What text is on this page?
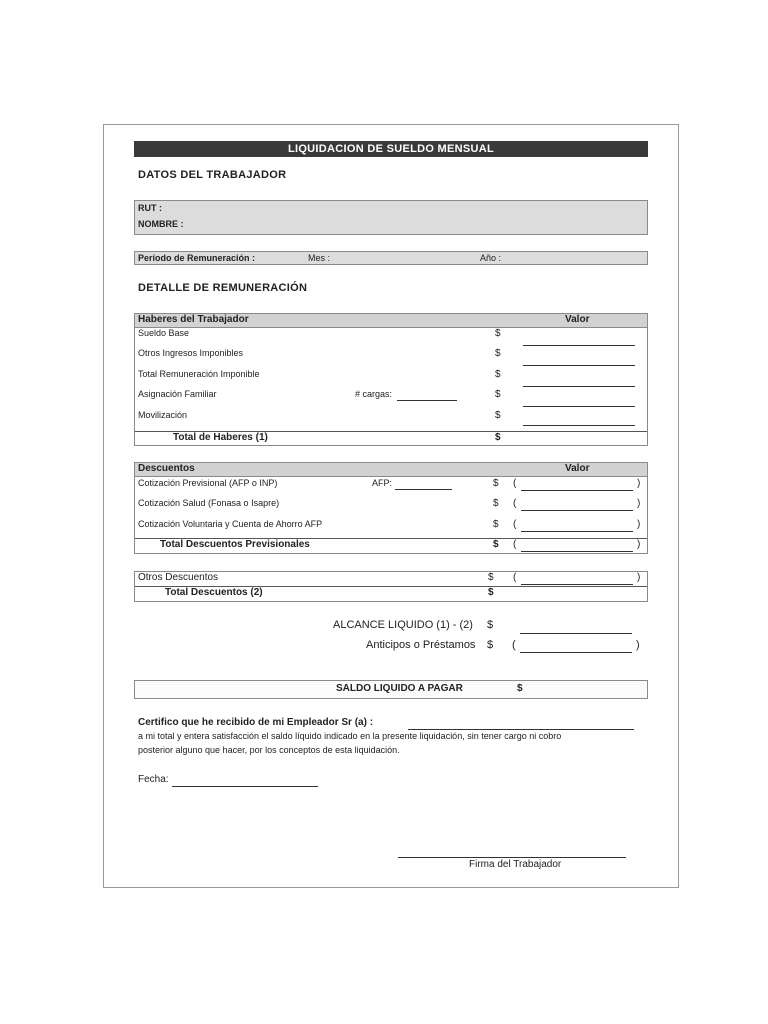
LIQUIDACION DE SUELDO MENSUAL
DATOS DEL TRABAJADOR
RUT :
NOMBRE :
Período de Remuneración :	Mes :	Año :
DETALLE DE REMUNERACIÓN
Haberes del Trabajador	Valor
Sueldo Base	$
Otros Ingresos Imponibles	$
Total Remuneración Imponible	$
Asignación Familiar	# cargas:	$
Movilización	$
Total de Haberes (1)	$
Descuentos	Valor
Cotización Previsional (AFP o INP)	AFP:	$ (	)
Cotización Salud (Fonasa o Isapre)	$ (	)
Cotización Voluntaria y Cuenta de Ahorro AFP	$ (	)
Total Descuentos Previsionales	$ (	)
Otros Descuentos	$ (	)
Total Descuentos (2)	$
ALCANCE LIQUIDO (1) - (2) $
Anticipos o Préstamos $ (	)
SALDO LIQUIDO A PAGAR	$
Certifico que he recibido de mi Empleador Sr (a) :
a mi total y entera satisfacción el saldo líquido indicado en la presente liquidación, sin tener cargo ni cobro
posterior alguno que hacer, por los conceptos de esta liquidación.
Fecha:
Firma del Trabajador
